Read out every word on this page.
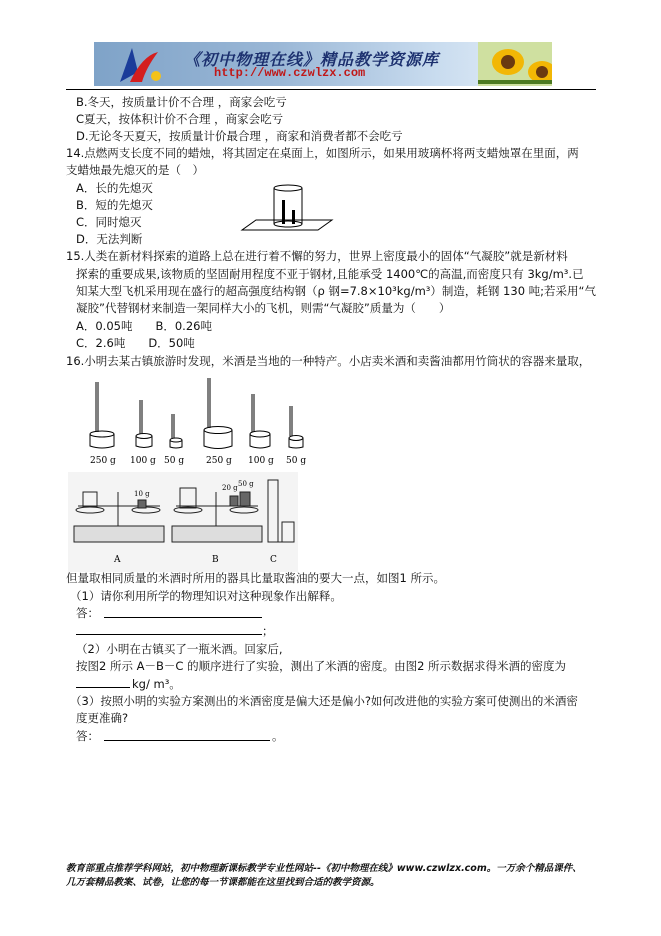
《初中物理在线》精品教学资源库
http://www.czwlzx.com
B.冬天，按质量计价不合理 ，商家会吃亏
C夏天，按体积计价不合理 ，商家会吃亏
D.无论冬天夏天，按质量计价最合理 ，商家和消费者都不会吃亏
14.点燃两支长度不同的蜡烛，将其固定在桌面上，如图所示，如果用玻璃杯将两支蜡烛罩在里面，两
支蜡烛最先熄灭的是（　）
A．长的先熄灭
B．短的先熄灭
C．同时熄灭
D．无法判断
15.人类在新材料探索的道路上总在进行着不懈的努力，世界上密度最小的固体“气凝胶”就是新材料
探索的重要成果,该物质的坚固耐用程度不亚于钢材,且能承受 1400℃的高温,而密度只有 3kg/m³.已
知某大型飞机采用现在盛行的超高强度结构钢（ρ 钢=7.8×10³kg/m³）制造，耗钢 130 吨;若采用“气
凝胶”代替钢材来制造一架同样大小的飞机，则需“气凝胶”质量为（　　）
A．0.05吨　　B．0.26吨
C．2.6吨　　D．50吨
16.小明去某古镇旅游时发现，米酒是当地的一种特产。小店卖米酒和卖酱油都用竹筒状的容器来量取，
250 g 100 g 50 g 250 g 100 g 50 g
10 g
20 g 50 g
A	B	C
但量取相同质量的米酒时所用的器具比量取酱油的要大一点，如图1 所示。
（1）请你利用所学的物理知识对这种现象作出解释。
答：
；
（2）小明在古镇买了一瓶米酒。回家后,
按图2 所示 A－B－C 的顺序进行了实验，测出了米酒的密度。由图2 所示数据求得米酒的密度为
kg/ m³。
（3）按照小明的实验方案测出的米酒密度是偏大还是偏小?如何改进他的实验方案可使测出的米酒密
度更准确?
答：	。
教育部重点推荐学科网站，初中物理新课标教学专业性网站--《初中物理在线》www.czwlzx.com。一万余个精品课件、
几万套精品教案、试卷，让您的每一节课都能在这里找到合适的教学资源。
